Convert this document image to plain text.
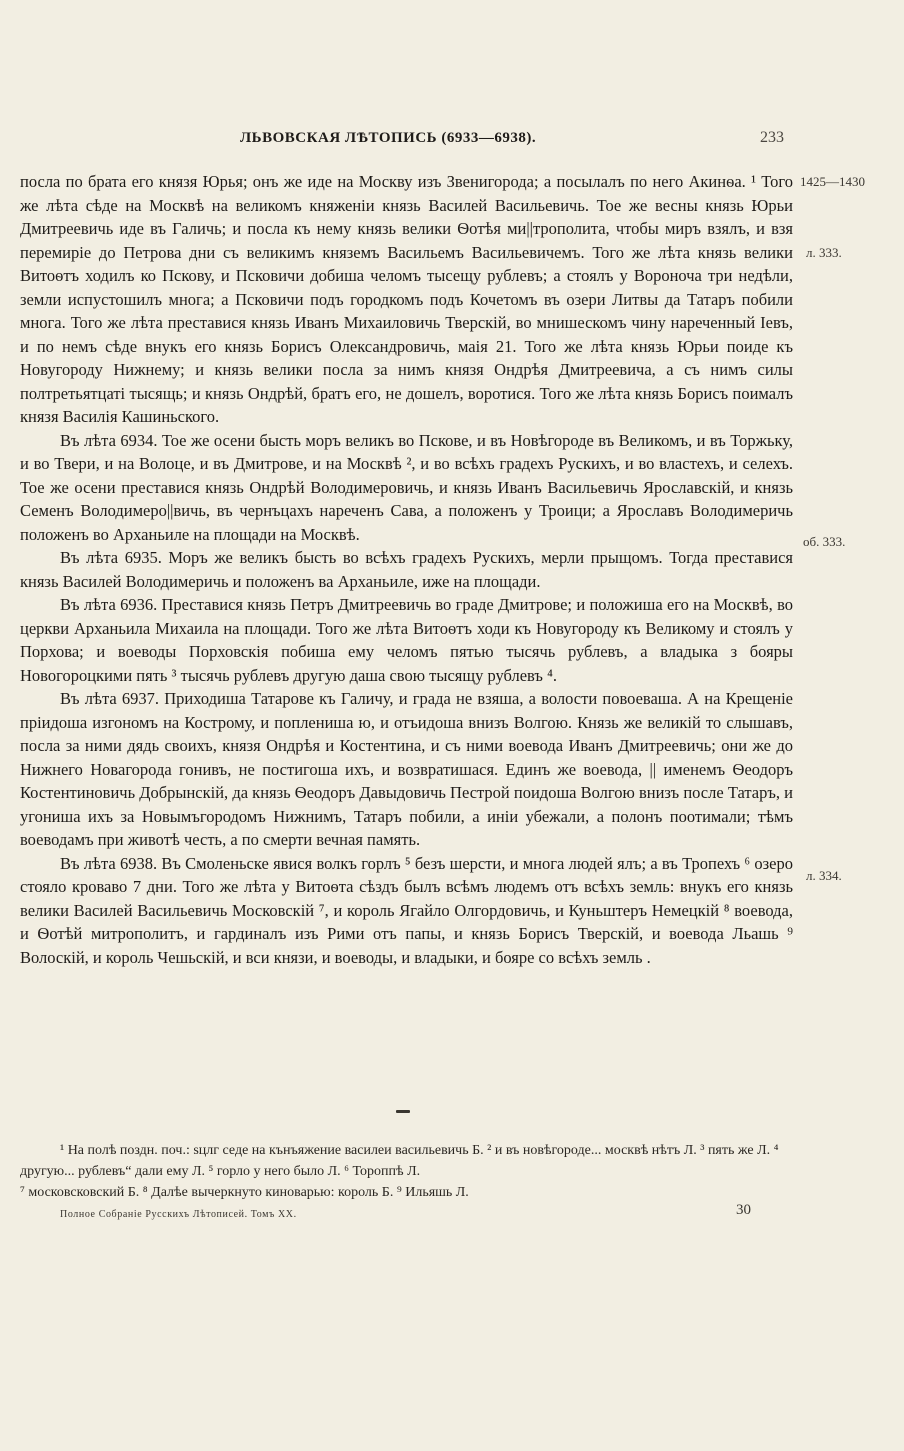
ЛЬВОВСКАЯ ЛѢТОПИСЬ (6933—6938).	233

посла по брата его князя Юрья; онъ же иде на Москву изъ Звенигорода; а посылалъ по него Акинѳа. ¹ Того же лѣта сѣде на Москвѣ на великомъ княженіи князь Василей Васильевичь. Тое же весны князь Юрьи Дмитреевичь иде въ Галичь; и посла къ нему князь велики Ѳотѣя ми||трополита, чтобы миръ взялъ, и взя перемиріе до Петрова дни съ великимъ княземъ Васильемъ Васильевичемъ. Того же лѣта князь велики Витоѳтъ ходилъ ко Пскову, и Псковичи добиша челомъ тысещу рублевъ; а стоялъ у Вороноча три недѣли, земли испустошилъ многа; а Псковичи подъ городкомъ подъ Кочетомъ въ озери Литвы да Татаръ побили многа. Того же лѣта преставися князь Иванъ Михаиловичь Тверскій, во мнишескомъ чину нареченный Іевъ, и по немъ сѣде внукъ его князь Борисъ Олександровичь, маія 21. Того же лѣта князь Юрьи поиде къ Новугороду Нижнему; и князь велики посла за нимъ князя Ондрѣя Дмитреевича, а съ нимъ силы полтретьятцаті тысящь; и князь Ондрѣй, братъ его, не дошелъ, воротися. Того же лѣта князь Борисъ поималъ князя Василія Кашиньского.

Въ лѣта 6934. Тое же осени бысть моръ великъ во Пскове, и въ Новѣгороде въ Великомъ, и въ Торжьку, и во Твери, и на Волоце, и въ Дмитрове, и на Москвѣ ², и во всѣхъ градехъ Рускихъ, и во властехъ, и селехъ. Тое же осени преставися князь Ондрѣй Володимеровичь, и князь Иванъ Васильевичь Ярославскій, и князь Семенъ Володимеро||вичь, въ чернъцахъ нареченъ Сава, а положенъ у Троици; а Ярославъ Володимеричь положенъ во Арханьиле на площади на Москвѣ.

Въ лѣта 6935. Моръ же великъ бысть во всѣхъ градехъ Рускихъ, мерли прыщомъ. Тогда преставися князь Василей Володимеричь и положенъ ва Арханьиле, иже на площади.

Въ лѣта 6936. Преставися князь Петръ Дмитреевичь во граде Дмитрове; и положиша его на Москвѣ, во церкви Арханьила Михаила на площади. Того же лѣта Витоѳтъ ходи къ Новугороду къ Великому и стоялъ у Порхова; и воеводы Порховскія побиша ему челомъ пятью тысячь рублевъ, а владыка з бояры Новогороцкими пять ³ тысячь рублевъ другую даша свою тысящу рублевъ ⁴.

Въ лѣта 6937. Приходиша Татарове къ Галичу, и града не взяша, а волости повоеваша. А на Крещеніе пріидоша изгономъ на Кострому, и поплениша ю, и отъидоша внизъ Волгою. Князь же великій то слышавъ, посла за ними дядь своихъ, князя Ондрѣя и Костентина, и съ ними воевода Иванъ Дмитреевичь; они же до Нижнего Новагорода гонивъ, не постигоша ихъ, и возвратишася. Единъ же воевода, || именемъ Ѳеодоръ Костентиновичь Добрынскій, да князь Ѳеодоръ Давыдовичь Пестрой поидоша Волгою внизъ после Татаръ, и угониша ихъ за Новымъгородомъ Нижнимъ, Татаръ побили, а иніи убежали, а полонъ поотимали; тѣмъ воеводамъ при животѣ честь, а по смерти вечная память.

Въ лѣта 6938. Въ Смоленьске явися волкъ горлъ ⁵ безъ шерсти, и многа людей ялъ; а въ Тропехъ ⁶ озеро стояло кроваво 7 дни. Того же лѣта у Витоѳта сѣздъ былъ всѣмъ людемъ отъ всѣхъ земль: внукъ его князь велики Василей Васильевичь Московскій ⁷, и король Ягайло Олгордовичь, и Куньштеръ Немецкій ⁸ воевода, и Ѳотѣй митрополитъ, и гардиналъ изъ Рими отъ папы, и князь Борисъ Тверскій, и воевода Льашь ⁹ Волоскій, и король Чешьскій, и вси князи, и воеводы, и владыки, и бояре со всѣхъ земль .

1425—1430
л. 333.
об. 333.
л. 334.

¹ На полѣ поздн. поч.: ѕцлг седе на кънъяжение василеи васильевичь Б. ² и въ новѣгороде... москвѣ нѣтъ Л. ³ пять же Л. ⁴ другую... рублевъ“ дали ему Л. ⁵ горло у него было Л. ⁶ Тороппѣ Л.

⁷ московсковский Б. ⁸ Далѣе вычеркнуто киноварью: король Б. ⁹ Ильяшь Л.

Полное Собраніе Русскихъ Лѣтописей. Томъ XX.	30
